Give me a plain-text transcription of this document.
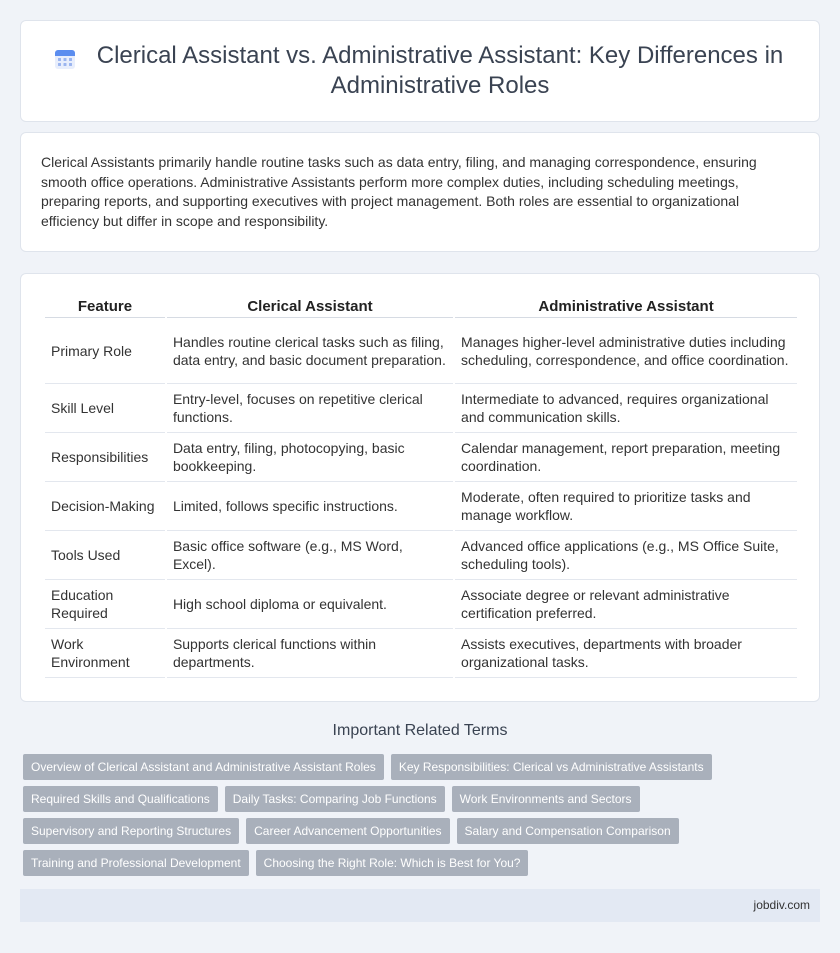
Clerical Assistant vs. Administrative Assistant: Key Differences in Administrative Roles

Clerical Assistants primarily handle routine tasks such as data entry, filing, and managing correspondence, ensuring smooth office operations. Administrative Assistants perform more complex duties, including scheduling meetings, preparing reports, and supporting executives with project management. Both roles are essential to organizational efficiency but differ in scope and responsibility.

Feature	Clerical Assistant	Administrative Assistant
Primary Role	Handles routine clerical tasks such as filing, data entry, and basic document preparation.	Manages higher-level administrative duties including scheduling, correspondence, and office coordination.
Skill Level	Entry-level, focuses on repetitive clerical functions.	Intermediate to advanced, requires organizational and communication skills.
Responsibilities	Data entry, filing, photocopying, basic bookkeeping.	Calendar management, report preparation, meeting coordination.
Decision-Making	Limited, follows specific instructions.	Moderate, often required to prioritize tasks and manage workflow.
Tools Used	Basic office software (e.g., MS Word, Excel).	Advanced office applications (e.g., MS Office Suite, scheduling tools).
Education Required	High school diploma or equivalent.	Associate degree or relevant administrative certification preferred.
Work Environment	Supports clerical functions within departments.	Assists executives, departments with broader organizational tasks.
Important Related Terms
Overview of Clerical Assistant and Administrative Assistant Roles	Key Responsibilities: Clerical vs Administrative Assistants
Required Skills and Qualifications	Daily Tasks: Comparing Job Functions	Work Environments and Sectors
Supervisory and Reporting Structures	Career Advancement Opportunities	Salary and Compensation Comparison
Training and Professional Development	Choosing the Right Role: Which is Best for You?
jobdiv.com
